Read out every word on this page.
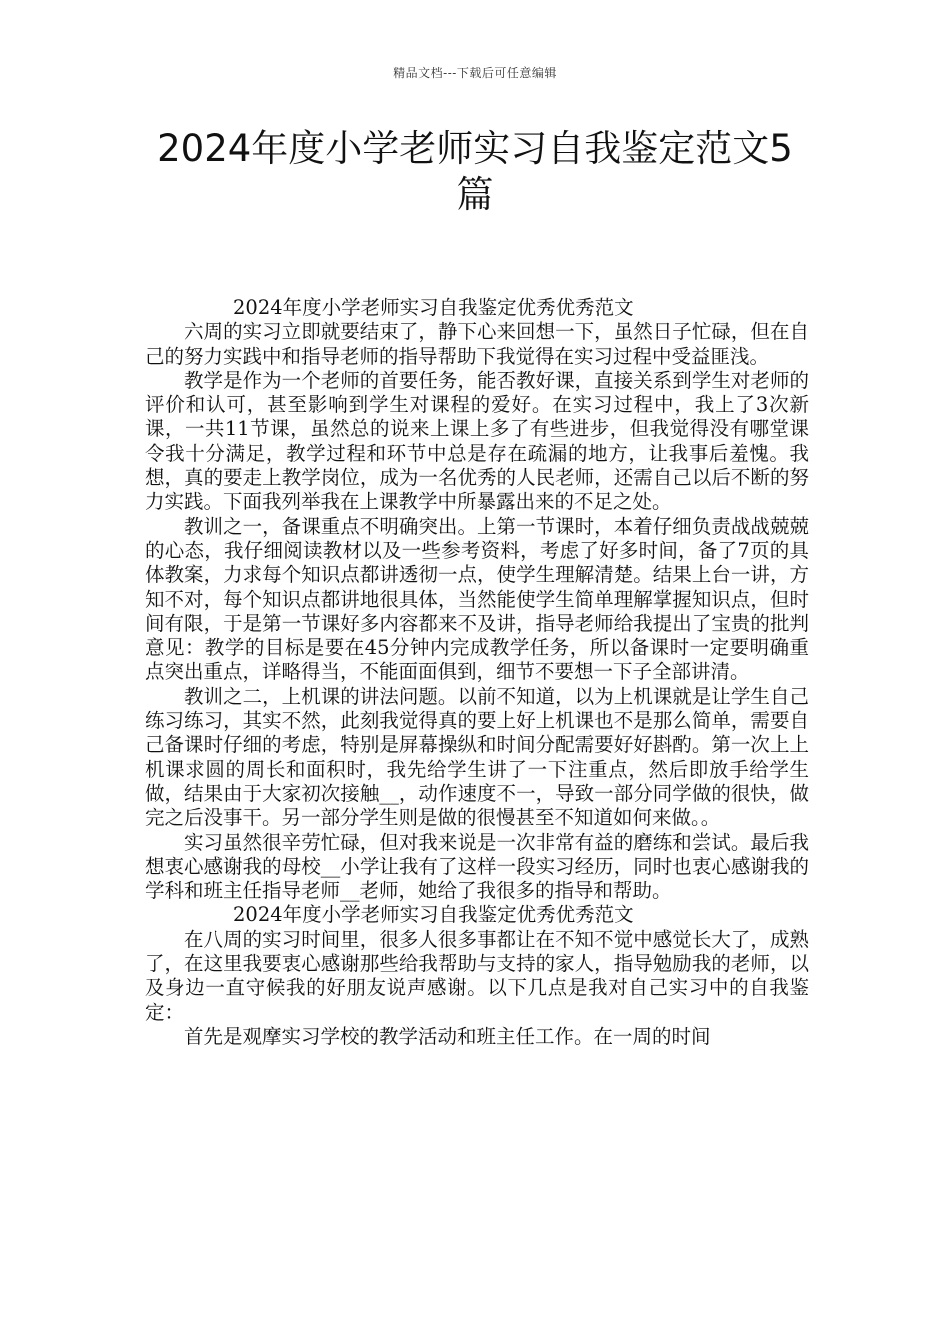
精品文档---下载后可任意编辑
2024年度小学老师实习自我鉴定范文5篇

2024年度小学老师实习自我鉴定优秀优秀范文

六周的实习立即就要结束了，静下心来回想一下，虽然日子忙碌，但在自己的努力实践中和指导老师的指导帮助下我觉得在实习过程中受益匪浅。

教学是作为一个老师的首要任务，能否教好课，直接关系到学生对老师的评价和认可，甚至影响到学生对课程的爱好。在实习过程中，我上了3次新课，一共11节课，虽然总的说来上课上多了有些进步，但我觉得没有哪堂课令我十分满足，教学过程和环节中总是存在疏漏的地方，让我事后羞愧。我想，真的要走上教学岗位，成为一名优秀的人民老师，还需自己以后不断的努力实践。下面我列举我在上课教学中所暴露出来的不足之处。

教训之一，备课重点不明确突出。上第一节课时，本着仔细负责战战兢兢的心态，我仔细阅读教材以及一些参考资料，考虑了好多时间，备了7页的具体教案，力求每个知识点都讲透彻一点，使学生理解清楚。结果上台一讲，方知不对，每个知识点都讲地很具体，当然能使学生简单理解掌握知识点，但时间有限，于是第一节课好多内容都来不及讲，指导老师给我提出了宝贵的批判意见：教学的目标是要在45分钟内完成教学任务，所以备课时一定要明确重点突出重点，详略得当，不能面面俱到，细节不要想一下子全部讲清。

教训之二，上机课的讲法问题。以前不知道，以为上机课就是让学生自己练习练习，其实不然，此刻我觉得真的要上好上机课也不是那么简单，需要自己备课时仔细的考虑，特别是屏幕操纵和时间分配需要好好斟酌。第一次上上机课求圆的周长和面积时，我先给学生讲了一下注重点，然后即放手给学生做，结果由于大家初次接触__，动作速度不一，导致一部分同学做的很快，做完之后没事干。另一部分学生则是做的很慢甚至不知道如何来做。。

实习虽然很辛劳忙碌，但对我来说是一次非常有益的磨练和尝试。最后我想衷心感谢我的母校__小学让我有了这样一段实习经历，同时也衷心感谢我的学科和班主任指导老师__老师，她给了我很多的指导和帮助。

2024年度小学老师实习自我鉴定优秀优秀范文

在八周的实习时间里，很多人很多事都让在不知不觉中感觉长大了，成熟了，在这里我要衷心感谢那些给我帮助与支持的家人，指导勉励我的老师，以及身边一直守候我的好朋友说声感谢。以下几点是我对自己实习中的自我鉴定：

首先是观摩实习学校的教学活动和班主任工作。在一周的时间
